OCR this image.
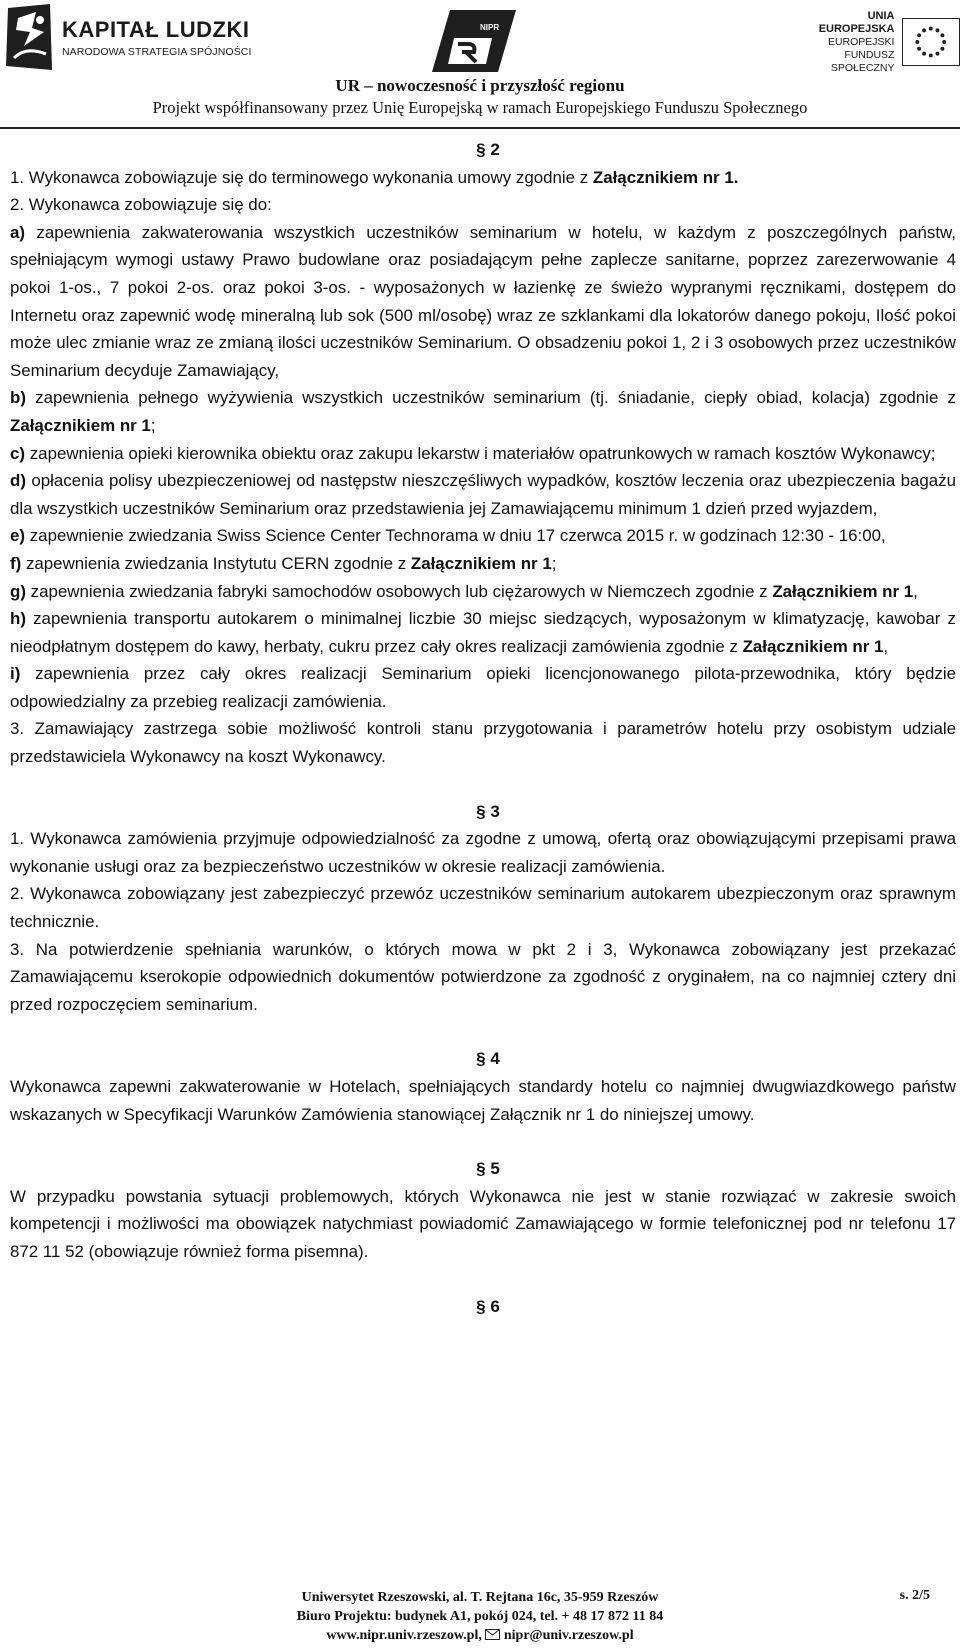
KAPITAŁ LUDZKI
NARODOWA STRATEGIA SPÓJNOŚCI
NIPR
UNIA EUROPEJSKA
EUROPEJSKI
FUNDUSZ SPOŁECZNY
UR – nowoczesność i przyszłość regionu
Projekt współfinansowany przez Unię Europejską w ramach Europejskiego Funduszu Społecznego
§ 2

1. Wykonawca zobowiązuje się do terminowego wykonania umowy zgodnie z Załącznikiem nr 1.

2. Wykonawca zobowiązuje się do:

a) zapewnienia zakwaterowania wszystkich uczestników seminarium w hotelu, w każdym z poszczególnych państw, spełniającym wymogi ustawy Prawo budowlane oraz posiadającym pełne zaplecze sanitarne, poprzez zarezerwowanie 4 pokoi 1-os., 7 pokoi 2-os. oraz pokoi 3-os. - wyposażonych w łazienkę ze świeżo wypranymi ręcznikami, dostępem do Internetu oraz zapewnić wodę mineralną lub sok (500 ml/osobę) wraz ze szklankami dla lokatorów danego pokoju, Ilość pokoi może ulec zmianie wraz ze zmianą ilości uczestników Seminarium. O obsadzeniu pokoi 1, 2 i 3 osobowych przez uczestników Seminarium decyduje Zamawiający,

b) zapewnienia pełnego wyżywienia wszystkich uczestników seminarium (tj. śniadanie, ciepły obiad, kolacja) zgodnie z Załącznikiem nr 1;

c) zapewnienia opieki kierownika obiektu oraz zakupu lekarstw i materiałów opatrunkowych w ramach kosztów Wykonawcy;

d) opłacenia polisy ubezpieczeniowej od następstw nieszczęśliwych wypadków, kosztów leczenia oraz ubezpieczenia bagażu dla wszystkich uczestników Seminarium oraz przedstawienia jej Zamawiającemu minimum 1 dzień przed wyjazdem,

e) zapewnienie zwiedzania Swiss Science Center Technorama w dniu 17 czerwca 2015 r. w godzinach 12:30 - 16:00,

f) zapewnienia zwiedzania Instytutu CERN zgodnie z Załącznikiem nr 1;

g) zapewnienia zwiedzania fabryki samochodów osobowych lub ciężarowych w Niemczech zgodnie z Załącznikiem nr 1,

h) zapewnienia transportu autokarem o minimalnej liczbie 30 miejsc siedzących, wyposażonym w klimatyzację, kawobar z nieodpłatnym dostępem do kawy, herbaty, cukru przez cały okres realizacji zamówienia zgodnie z Załącznikiem nr 1,

i) zapewnienia przez cały okres realizacji Seminarium opieki licencjonowanego pilota-przewodnika, który będzie odpowiedzialny za przebieg realizacji zamówienia.

3. Zamawiający zastrzega sobie możliwość kontroli stanu przygotowania i parametrów hotelu przy osobistym udziale przedstawiciela Wykonawcy na koszt Wykonawcy.

§ 3

1. Wykonawca zamówienia przyjmuje odpowiedzialność za zgodne z umową, ofertą oraz obowiązującymi przepisami prawa wykonanie usługi oraz za bezpieczeństwo uczestników w okresie realizacji zamówienia.

2. Wykonawca zobowiązany jest zabezpieczyć przewóz uczestników seminarium autokarem ubezpieczonym oraz sprawnym technicznie.

3. Na potwierdzenie spełniania warunków, o których mowa w pkt 2 i 3, Wykonawca zobowiązany jest przekazać Zamawiającemu kserokopie odpowiednich dokumentów potwierdzone za zgodność z oryginałem, na co najmniej cztery dni przed rozpoczęciem seminarium.

§ 4

Wykonawca zapewni zakwaterowanie w Hotelach, spełniających standardy hotelu co najmniej dwugwiazdkowego państw wskazanych w Specyfikacji Warunków Zamówienia stanowiącej Załącznik nr 1 do niniejszej umowy.

§ 5

W przypadku powstania sytuacji problemowych, których Wykonawca nie jest w stanie rozwiązać w zakresie swoich kompetencji i możliwości ma obowiązek natychmiast powiadomić Zamawiającego w formie telefonicznej pod nr telefonu 17 872 11 52 (obowiązuje również forma pisemna).

§ 6
Uniwersytet Rzeszowski, al. T. Rejtana 16c, 35-959 Rzeszów
Biuro Projektu: budynek A1, pokój 024, tel. + 48 17 872 11 84
www.nipr.univ.rzeszow.pl,  nipr@univ.rzeszow.pl
s. 2/5
